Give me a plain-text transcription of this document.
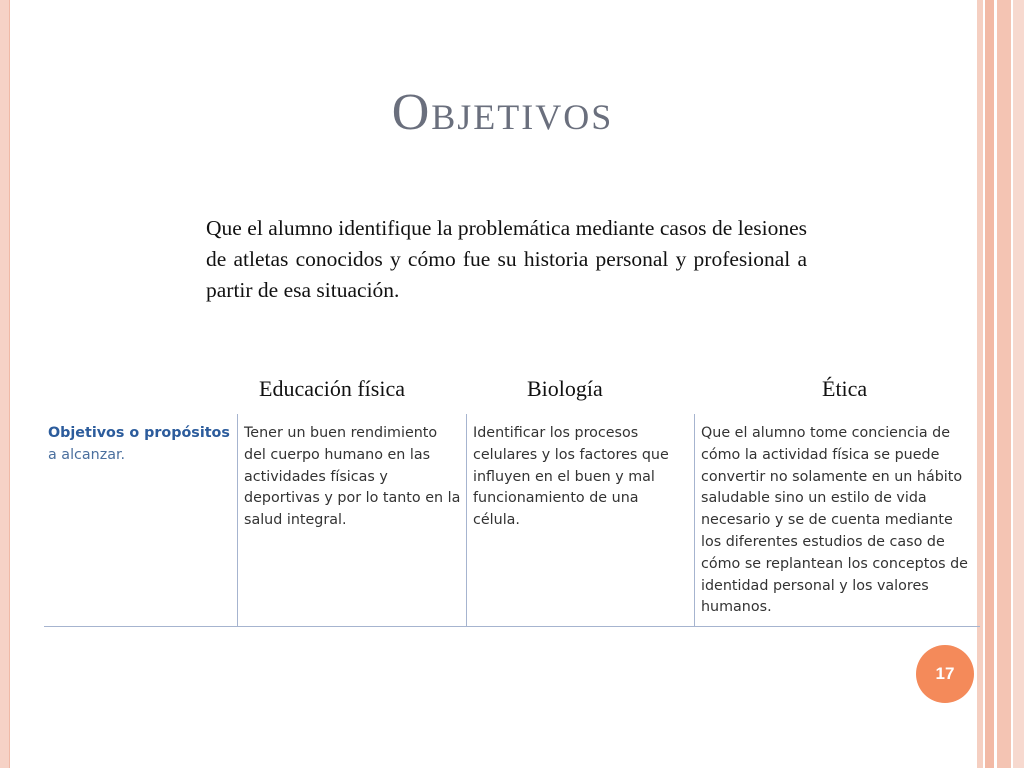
Objetivos
Que el alumno identifique la problemática mediante casos de lesiones de atletas conocidos y cómo fue su historia personal y profesional a partir de esa situación.
Educación física	Biología	Ética
Objetivos o propósitos
a alcanzar.
Tener un buen rendimiento del cuerpo humano en las actividades físicas y deportivas y por lo tanto en la salud integral.
Identificar los procesos celulares y los factores que influyen en el buen y mal funcionamiento de una célula.
Que el alumno tome conciencia de cómo la actividad física se puede convertir no solamente en un hábito saludable sino un estilo de vida necesario y se de cuenta mediante los diferentes estudios de caso de cómo se replantean los conceptos de identidad personal y los valores humanos.
17
